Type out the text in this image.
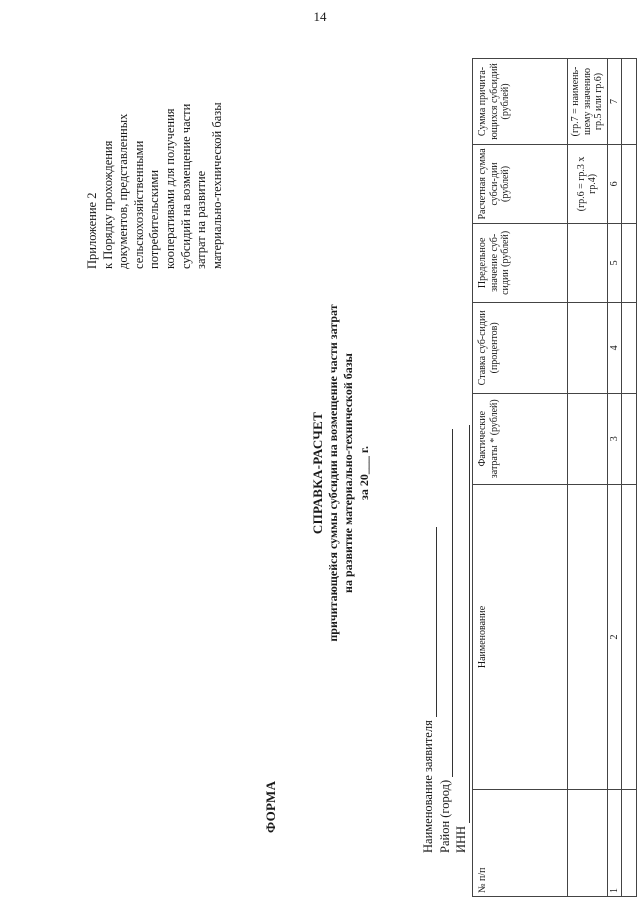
14
Приложение 2 к Порядку прохождения документов, представленных сельскохозяйственными потребительскими кооперативами для получения субсидий на возмещение части затрат на развитие материально-технической базы
ФОРМА
СПРАВКА-РАСЧЕТ причитающейся суммы субсидии на возмещение части затрат на развитие материально-технической базы за 20___ г.
Наименование заявителя Район (город) ИНН
№ п/п	Наименование	Фактические затраты * (рублей)	Ставка суб-сидии (процентов)	Предельное значение суб-сидии (рублей)	Расчетная сумма субси-дии (рублей)	Сумма причита-ющихся субсидий (рублей)

					(гр.6 = гр.3 х гр.4)	(гр.7 = наимень-шему значению гр.5 или гр.6)
1	2	3	4	5	6	7
